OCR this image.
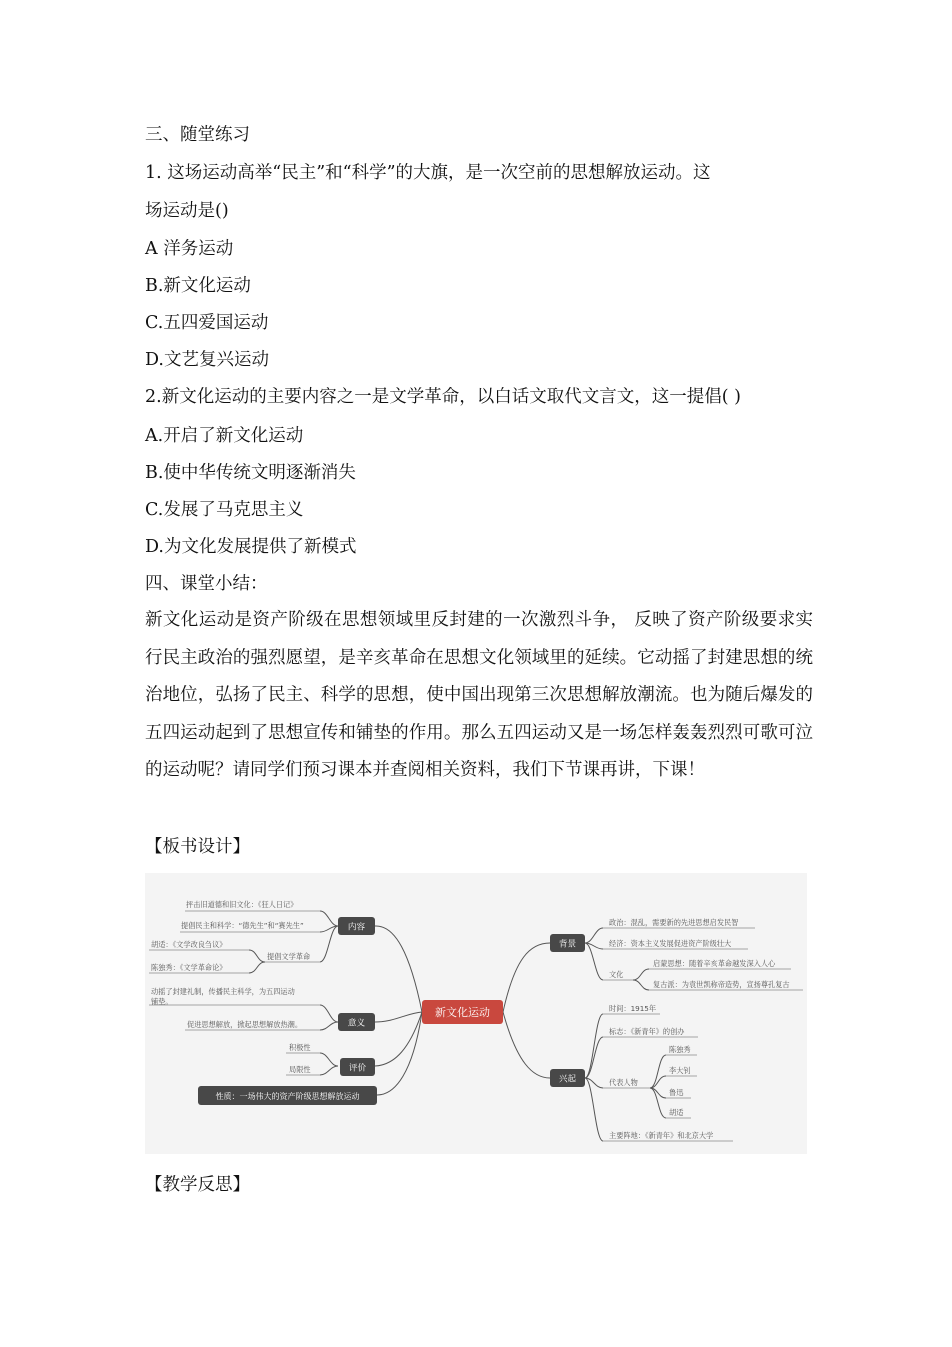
三、随堂练习
1. 这场运动高举“民主”和“科学”的大旗，是一次空前的思想解放运动。这
场运动是()
A 洋务运动
B.新文化运动
C.五四爱国运动
D.文艺复兴运动
2.新文化运动的主要内容之一是文学革命，以白话文取代文言文，这一提倡( )
A.开启了新文化运动
B.使中华传统文明逐渐消失
C.发展了马克思主义
D.为文化发展提供了新模式
四、课堂小结：
新文化运动是资产阶级在思想领域里反封建的一次激烈斗争， 反映了资产阶级要求实行民主政治的强烈愿望，是辛亥革命在思想文化领域里的延续。它动摇了封建思想的统治地位，弘扬了民主、科学的思想，使中国出现第三次思想解放潮流。也为随后爆发的五四运动起到了思想宣传和铺垫的作用。那么五四运动又是一场怎样轰轰烈烈可歌可泣的运动呢？请同学们预习课本并查阅相关资料，我们下节课再讲，下课！
【板书设计】
抨击旧道德和旧文化：《狂人日记》
提倡民主和科学：“德先生”和“赛先生”
提倡文学革命
胡适：《文学改良刍议》
陈独秀：《文学革命论》
内容
动摇了封建礼制，传播民主科学，为五四运动
铺垫。
促进思想解放，掀起思想解放热潮。	意义
积极性
局限性	评价
性质：一场伟大的资产阶级思想解放运动
新文化运动
背景
政治：混乱，需要新的先进思想启发民智
经济：资本主义发展促进资产阶级壮大
文化
启蒙思想：随着辛亥革命越发深入人心
复古派：为袁世凯称帝造势，宣扬尊孔复古
兴起
时间：1915年
标志：《新青年》的创办
代表人物
主要阵地：《新青年》和北京大学
陈独秀
李大钊
鲁迅
胡适
【教学反思】
